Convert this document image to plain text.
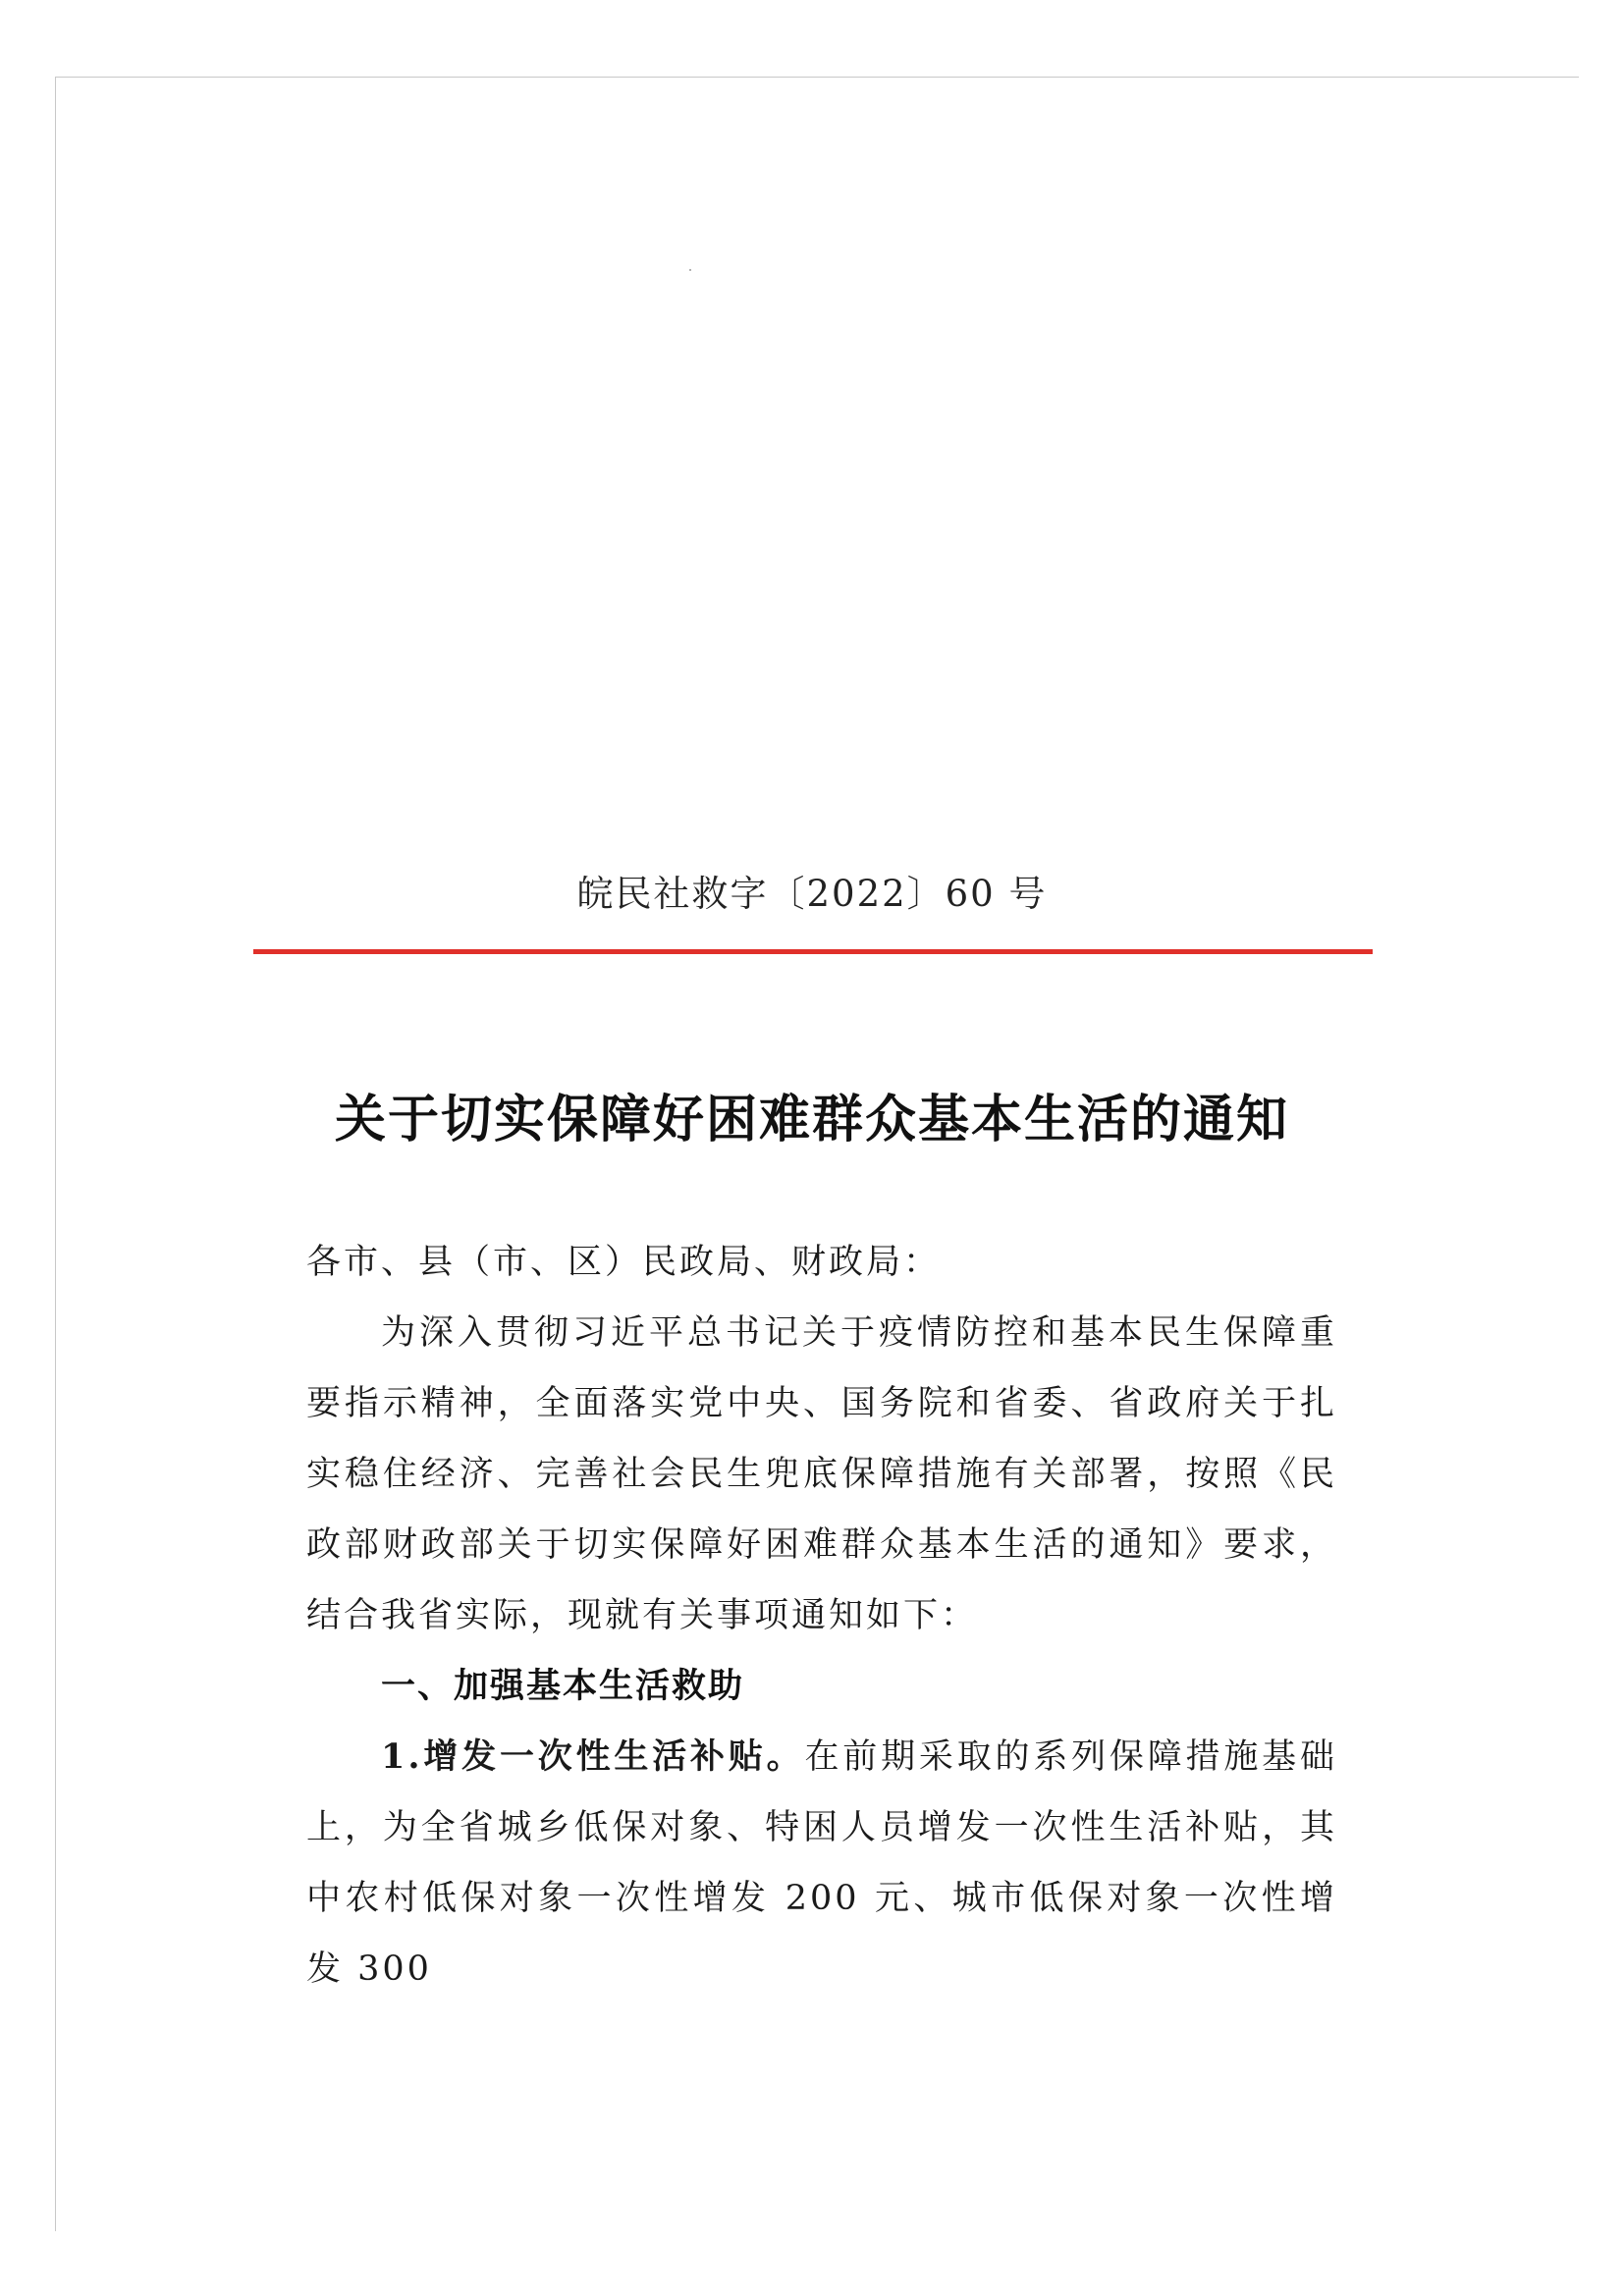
皖民社救字〔2022〕60 号
关于切实保障好困难群众基本生活的通知
各市、县（市、区）民政局、财政局：
为深入贯彻习近平总书记关于疫情防控和基本民生保障重要指示精神，全面落实党中央、国务院和省委、省政府关于扎实稳住经济、完善社会民生兜底保障措施有关部署，按照《民政部财政部关于切实保障好困难群众基本生活的通知》要求，结合我省实际，现就有关事项通知如下：
一、加强基本生活救助
1.增发一次性生活补贴。在前期采取的系列保障措施基础上，为全省城乡低保对象、特困人员增发一次性生活补贴，其中农村低保对象一次性增发 200 元、城市低保对象一次性增发 300
